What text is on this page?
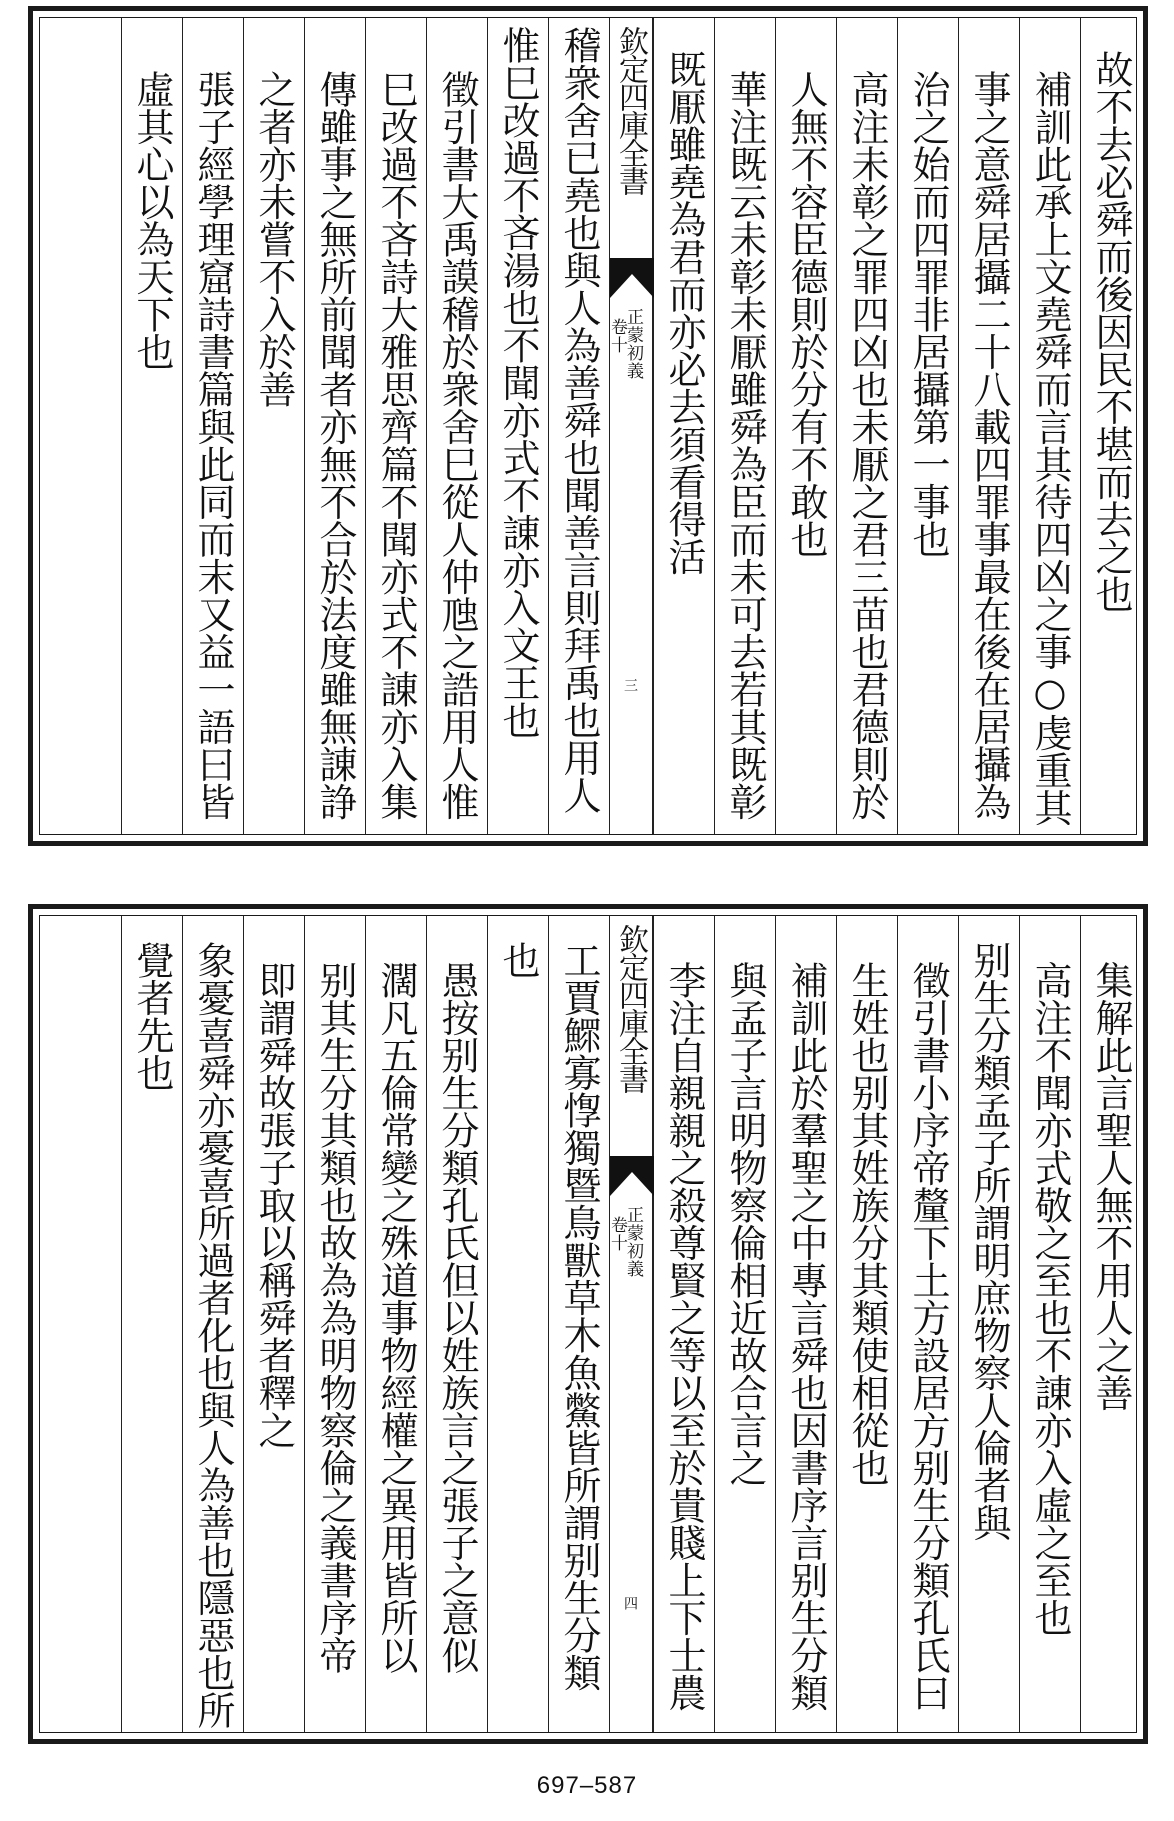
故不去必舜而後因民不堪而去之也
補訓此承上文堯舜而言其待四凶之事○虔重其
事之意舜居攝二十八載四罪事最在後在居攝為
治之始而四罪非居攝第一事也
高注未彰之罪四凶也未厭之君三苗也君德則於
人無不容臣德則於分有不敢也
華注既云未彰未厭雖舜為臣而未可去若其既彰
既厭雖堯為君而亦必去須看得活
欽定四庫全書
正蒙初義
卷十
三
稽衆舍已堯也與人為善舜也聞善言則拜禹也用人
惟巳改過不吝湯也不聞亦式不諌亦入文王也
徵引書大禹謨稽於衆舍巳從人仲虺之誥用人惟
巳改過不吝詩大雅思齊篇不聞亦式不諌亦入集
傳雖事之無所前聞者亦無不合於法度雖無諌諍
之者亦未嘗不入於善
張子經學理窟詩書篇與此同而末又益一語曰皆
虛其心以為天下也
集解此言聖人無不用人之善
高注不聞亦式敬之至也不諌亦入虛之至也
别生分類孟子所謂明庶物察人倫者與
徵引書小序帝釐下土方設居方别生分類孔氏曰
生姓也别其姓族分其類使相從也
補訓此於羣聖之中專言舜也因書序言别生分類
與孟子言明物察倫相近故合言之
李注自親親之殺尊賢之等以至於貴賤上下士農
欽定四庫全書
正蒙初義
卷十
四
工賈鰥寡惸獨暨鳥獸草木魚鱉皆所謂别生分類
也
愚按别生分類孔氏但以姓族言之張子之意似
濶凡五倫常變之殊道事物經權之異用皆所以
别其生分其類也故為為明物察倫之義書序帝
即謂舜故張子取以稱舜者釋之
象憂喜舜亦憂喜所過者化也與人為善也隱惡也所
覺者先也
697–587
